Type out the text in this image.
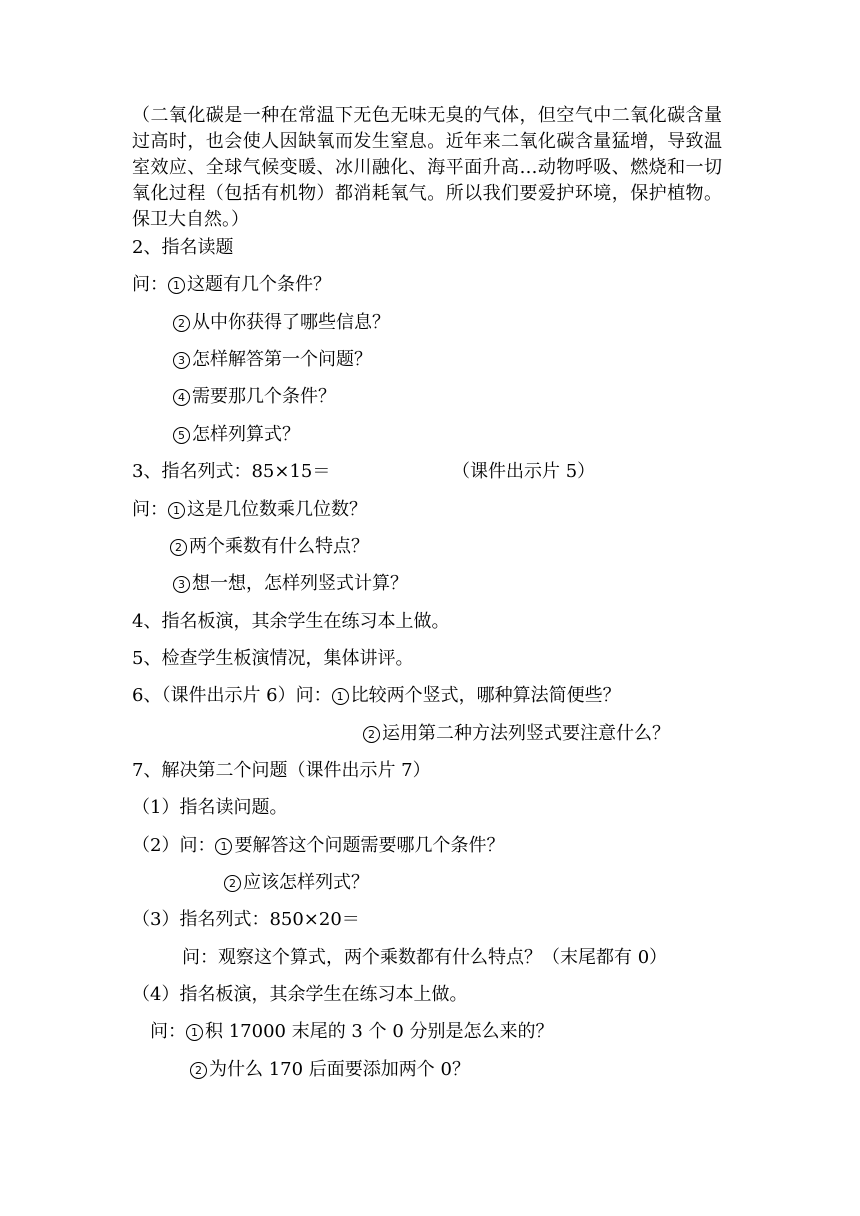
（二氧化碳是一种在常温下无色无味无臭的气体，但空气中二氧化碳含量过高时，也会使人因缺氧而发生窒息。近年来二氧化碳含量猛增，导致温室效应、全球气候变暖、冰川融化、海平面升高…动物呼吸、燃烧和一切氧化过程（包括有机物）都消耗氧气。所以我们要爱护环境，保护植物。保卫大自然。）
2、指名读题
问： 1 这题有几个条件？
2 从中你获得了哪些信息？
3 怎样解答第一个问题？
4 需要那几个条件？
5 怎样列算式？
3、指名列式：85×15＝	（课件出示片 5）
问： 1 这是几位数乘几位数？
2 两个乘数有什么特点？
3 想一想，怎样列竖式计算？
4、指名板演，其余学生在练习本上做。
5、检查学生板演情况，集体讲评。
6、（课件出示片 6）问： 1 比较两个竖式，哪种算法简便些？
2 运用第二种方法列竖式要注意什么？
7、解决第二个问题（课件出示片 7）
（1）指名读问题。
（2）问： 1 要解答这个问题需要哪几个条件？
2 应该怎样列式？
（3）指名列式：850×20＝
问：观察这个算式，两个乘数都有什么特点？（末尾都有 0）
（4）指名板演，其余学生在练习本上做。
问： 1 积 17000 末尾的 3 个 0 分别是怎么来的？
2 为什么 170 后面要添加两个 0？
